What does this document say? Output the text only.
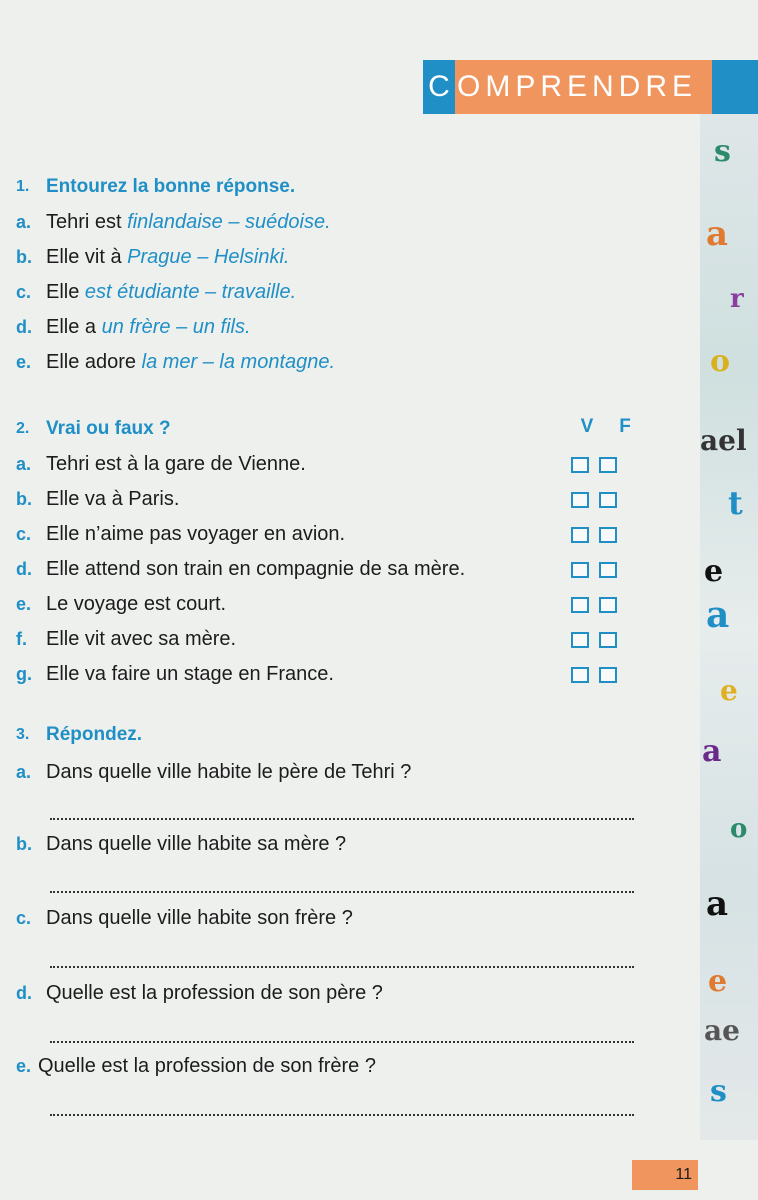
C OMPRENDRE
s
a
r
o
ael
t
e
a
e
a
o
a
e
ae
s
1. Entourez la bonne réponse.
a. Tehri est finlandaise – suédoise.
b. Elle vit à Prague – Helsinki.
c. Elle est étudiante – travaille.
d. Elle a un frère – un fils.
e. Elle adore la mer – la montagne.
2. Vrai ou faux ?
a. Tehri est à la gare de Vienne.
b. Elle va à Paris.
c. Elle n’aime pas voyager en avion.
d. Elle attend son train en compagnie de sa mère.
e. Le voyage est court.
f. Elle vit avec sa mère.
g. Elle va faire un stage en France.
V F
3. Répondez.
a. Dans quelle ville habite le père de Tehri ?
b. Dans quelle ville habite sa mère ?
c. Dans quelle ville habite son frère ?
d. Quelle est la profession de son père ?
e. Quelle est la profession de son frère ?
11
